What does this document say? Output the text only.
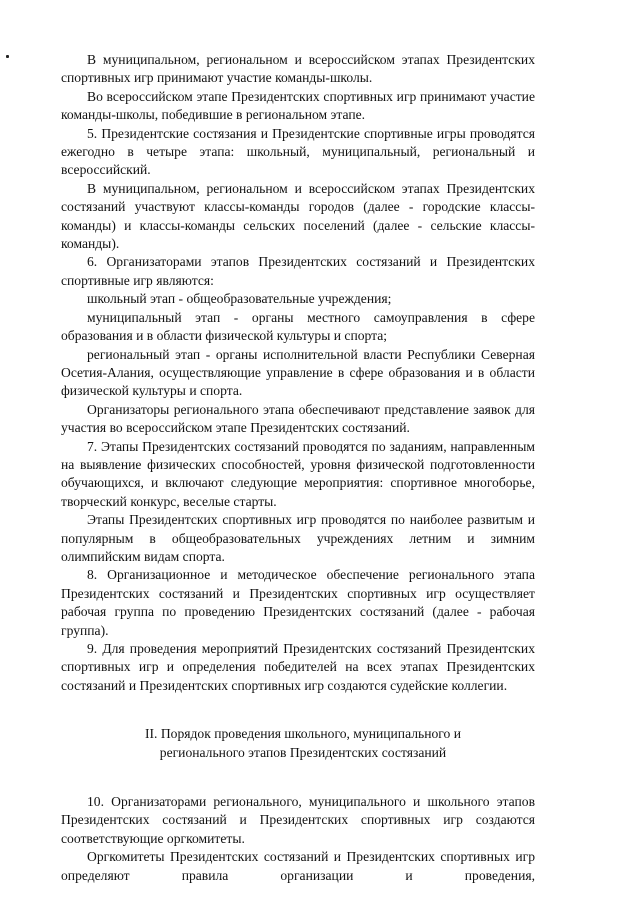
В муниципальном, региональном и всероссийском этапах Президентских спортивных игр принимают участие команды-школы.

Во всероссийском этапе Президентских спортивных игр принимают участие команды-школы, победившие в региональном этапе.

5. Президентские состязания и Президентские спортивные игры проводятся ежегодно в четыре этапа: школьный, муниципальный, региональный и всероссийский.

В муниципальном, региональном и всероссийском этапах Президентских состязаний участвуют классы-команды городов (далее - городские классы-команды) и классы-команды сельских поселений (далее - сельские классы-команды).

6. Организаторами этапов Президентских состязаний и Президентских спортивные игр являются:

школьный этап - общеобразовательные учреждения;

муниципальный этап - органы местного самоуправления в сфере образования и в области физической культуры и спорта;

региональный этап - органы исполнительной власти Республики Северная Осетия-Алания, осуществляющие управление в сфере образования и в области физической культуры и спорта.

Организаторы регионального этапа обеспечивают представление заявок для участия во всероссийском этапе Президентских состязаний.

7. Этапы Президентских состязаний проводятся по заданиям, направленным на выявление физических способностей, уровня физической подготовленности обучающихся, и включают следующие мероприятия: спортивное многоборье, творческий конкурс, веселые старты.

Этапы Президентских спортивных игр проводятся по наиболее развитым и популярным в общеобразовательных учреждениях летним и зимним олимпийским видам спорта.

8. Организационное и методическое обеспечение регионального этапа Президентских состязаний и Президентских спортивных игр осуществляет рабочая группа по проведению Президентских состязаний (далее - рабочая группа).

9. Для проведения мероприятий Президентских состязаний Президентских спортивных игр и определения победителей на всех этапах Президентских состязаний и Президентских спортивных игр создаются судейские коллегии.

II. Порядок проведения школьного, муниципального и
регионального этапов Президентских состязаний

10. Организаторами регионального, муниципального и школьного этапов Президентских состязаний и Президентских спортивных игр создаются соответствующие оргкомитеты.

Оргкомитеты Президентских состязаний и Президентских спортивных игр определяют правила организации и проведения,
